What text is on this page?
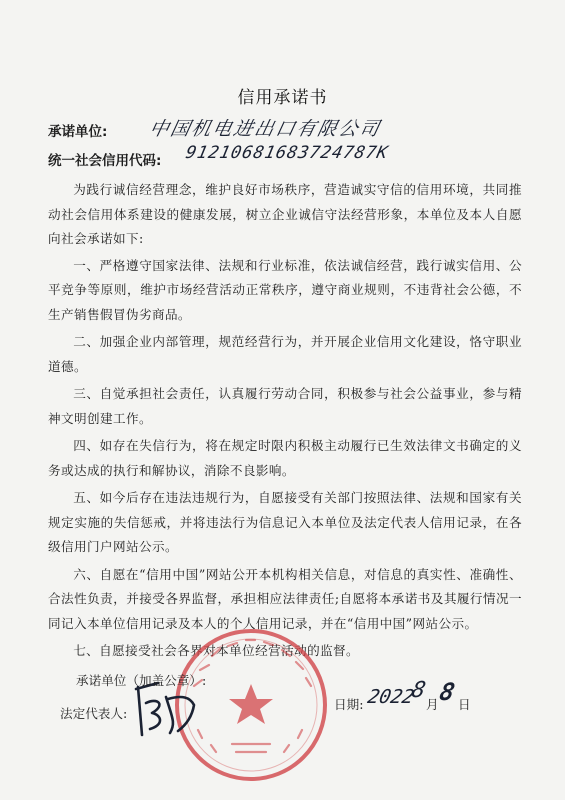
信用承诺书
承诺单位: 中国机电进出口有限公司
统一社会信用代码: 91210681683724787K

为践行诚信经营理念，维护良好市场秩序，营造诚实守信的信用环境，共同推动社会信用体系建设的健康发展，树立企业诚信守法经营形象，本单位及本人自愿向社会承诺如下:

一、严格遵守国家法律、法规和行业标准，依法诚信经营，践行诚实信用、公平竞争等原则，维护市场经营活动正常秩序，遵守商业规则，不违背社会公德，不生产销售假冒伪劣商品。

二、加强企业内部管理，规范经营行为，并开展企业信用文化建设，恪守职业道德。

三、自觉承担社会责任，认真履行劳动合同，积极参与社会公益事业，参与精神文明创建工作。

四、如存在失信行为，将在规定时限内积极主动履行已生效法律文书确定的义务或达成的执行和解协议，消除不良影响。

五、如今后存在违法违规行为，自愿接受有关部门按照法律、法规和国家有关规定实施的失信惩戒，并将违法行为信息记入本单位及法定代表人信用记录，在各级信用门户网站公示。

六、自愿在“信用中国”网站公开本机构相关信息，对信息的真实性、准确性、合法性负责，并接受各界监督，承担相应法律责任;自愿将本承诺书及其履行情况一同记入本单位信用记录及本人的个人信用记录，并在“信用中国”网站公示。

七、自愿接受社会各界对本单位经营活动的监督。

承诺单位（加盖公章）:
法定代表人:
日期: 2022
8
月
8 日
